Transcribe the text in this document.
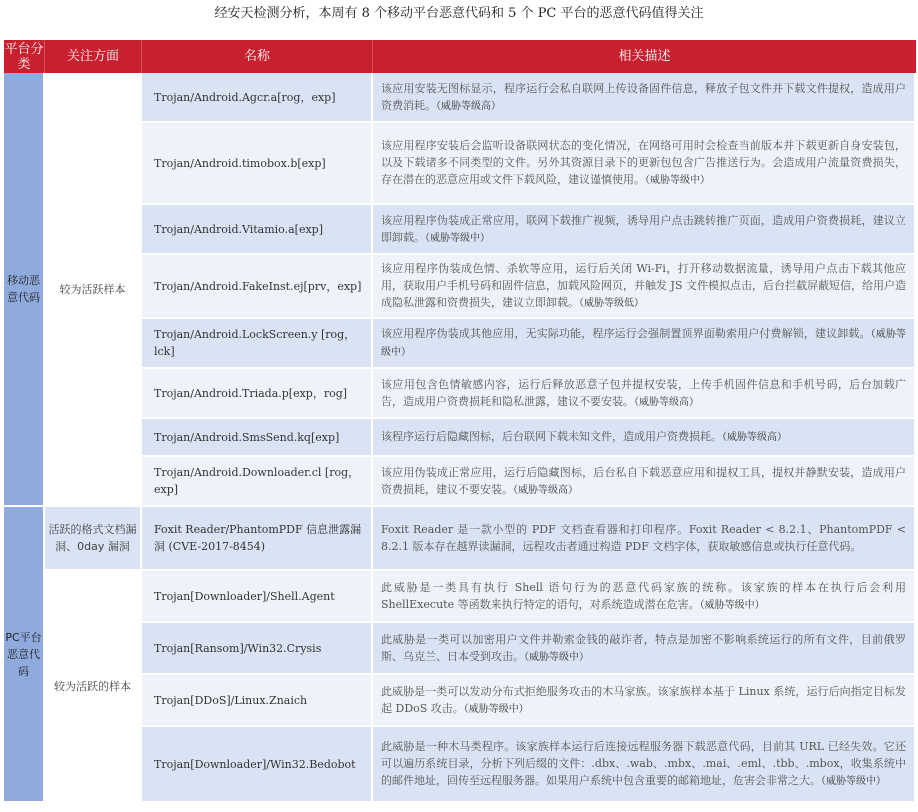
经安天检测分析，本周有 8 个移动平台恶意代码和 5 个 PC 平台的恶意代码值得关注
平台分类	关注方面	名称	相关描述
移动恶意代码	较为活跃样本	Trojan/Android.Agcr.a[rog，exp]	该应用安装无图标显示，程序运行会私自联网上传设备固件信息，释放子包文件并下载文件提权，造成用户资费消耗。（威胁等级高）
		Trojan/Android.timobox.b[exp]	该应用程序安装后会监听设备联网状态的变化情况，在网络可用时会检查当前版本并下载更新自身安装包，以及下载诸多不同类型的文件。另外其资源目录下的更新包包含广告推送行为。会造成用户流量资费损失，存在潜在的恶意应用或文件下载风险，建议谨慎使用。（威胁等级中）
		Trojan/Android.Vitamio.a[exp]	该应用程序伪装成正常应用，联网下载推广视频，诱导用户点击跳转推广页面，造成用户资费损耗，建议立即卸载。（威胁等级中）
		Trojan/Android.FakeInst.ej[prv，exp]	该应用程序伪装成色情、杀软等应用，运行后关闭 Wi-Fi，打开移动数据流量，诱导用户点击下载其他应用，获取用户手机号码和固件信息，加载风险网页，并触发 JS 文件模拟点击，后台拦截屏蔽短信，给用户造成隐私泄露和资费损失，建议立即卸载。（威胁等级低）
		Trojan/Android.LockScreen.y [rog，lck]	该应用程序伪装成其他应用，无实际功能，程序运行会强制置顶界面勒索用户付费解锁，建议卸载。（威胁等级中）
		Trojan/Android.Triada.p[exp，rog]	该应用包含色情敏感内容，运行后释放恶意子包并提权安装，上传手机固件信息和手机号码，后台加载广告，造成用户资费损耗和隐私泄露，建议不要安装。（威胁等级高）
		Trojan/Android.SmsSend.kq[exp]	该程序运行后隐藏图标，后台联网下载未知文件，造成用户资费损耗。（威胁等级高）
		Trojan/Android.Downloader.cl [rog，exp]	该应用伪装成正常应用，运行后隐藏图标，后台私自下载恶意应用和提权工具，提权并静默安装，造成用户资费损耗，建议不要安装。（威胁等级高）
PC平台恶意代码	活跃的格式文档漏洞、0day 漏洞	Foxit Reader/PhantomPDF 信息泄露漏洞 (CVE-2017-8454)	Foxit Reader 是一款小型的 PDF 文档查看器和打印程序。Foxit Reader < 8.2.1、PhantomPDF < 8.2.1 版本存在越界读漏洞，远程攻击者通过构造 PDF 文档字体，获取敏感信息或执行任意代码。
	较为活跃的样本	Trojan[Downloader]/Shell.Agent	此威胁是一类具有执行 Shell 语句行为的恶意代码家族的统称。该家族的样本在执行后会利用 ShellExecute 等函数来执行特定的语句，对系统造成潜在危害。（威胁等级中）
		Trojan[Ransom]/Win32.Crysis	此威胁是一类可以加密用户文件并勒索金钱的敲诈者，特点是加密不影响系统运行的所有文件，目前俄罗斯、乌克兰、日本受到攻击。（威胁等级中）
		Trojan[DDoS]/Linux.Znaich	此威胁是一类可以发动分布式拒绝服务攻击的木马家族。该家族样本基于 Linux 系统，运行后向指定目标发起 DDoS 攻击。（威胁等级中）
		Trojan[Downloader]/Win32.Bedobot	此威胁是一种木马类程序。该家族样本运行后连接远程服务器下载恶意代码，目前其 URL 已经失效。它还可以遍历系统目录，分析下列后缀的文件：.dbx、.wab、.mbx、.mai、.eml、.tbb、.mbox，收集系统中的邮件地址，回传至远程服务器。如果用户系统中包含重要的邮箱地址，危害会非常之大。（威胁等级中）
